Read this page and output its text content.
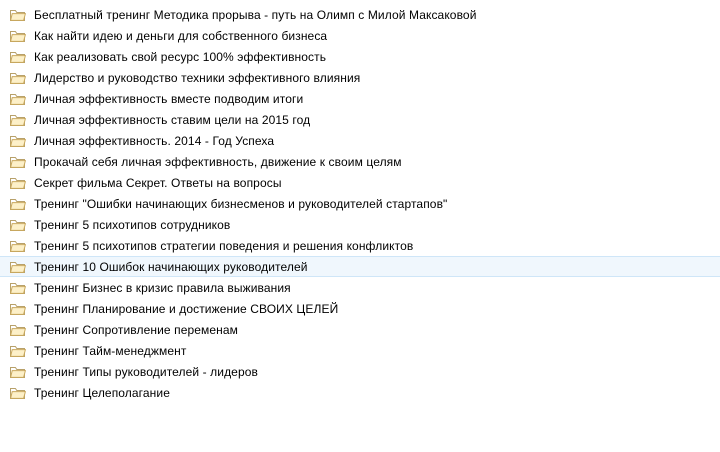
Бесплатный тренинг Методика прорыва - путь на Олимп с Милой Максаковой
Как найти идею и деньги для собственного бизнеса
Как реализовать свой ресурс 100% эффективность
Лидерство и руководство техники эффективного влияния
Личная эффективность вместе подводим итоги
Личная эффективность ставим цели на 2015 год
Личная эффективность. 2014 - Год Успеха
Прокачай себя личная эффективность, движение к своим целям
Секрет фильма Секрет. Ответы на вопросы
Тренинг "Ошибки начинающих бизнесменов и руководителей стартапов"
Тренинг 5 психотипов сотрудников
Тренинг 5 психотипов стратегии поведения и решения конфликтов
Тренинг 10 Ошибок начинающих руководителей
Тренинг Бизнес в кризис правила выживания
Тренинг Планирование и достижение СВОИХ ЦЕЛЕЙ
Тренинг Сопротивление переменам
Тренинг Тайм-менеджмент
Тренинг Типы руководителей - лидеров
Тренинг Целеполагание
